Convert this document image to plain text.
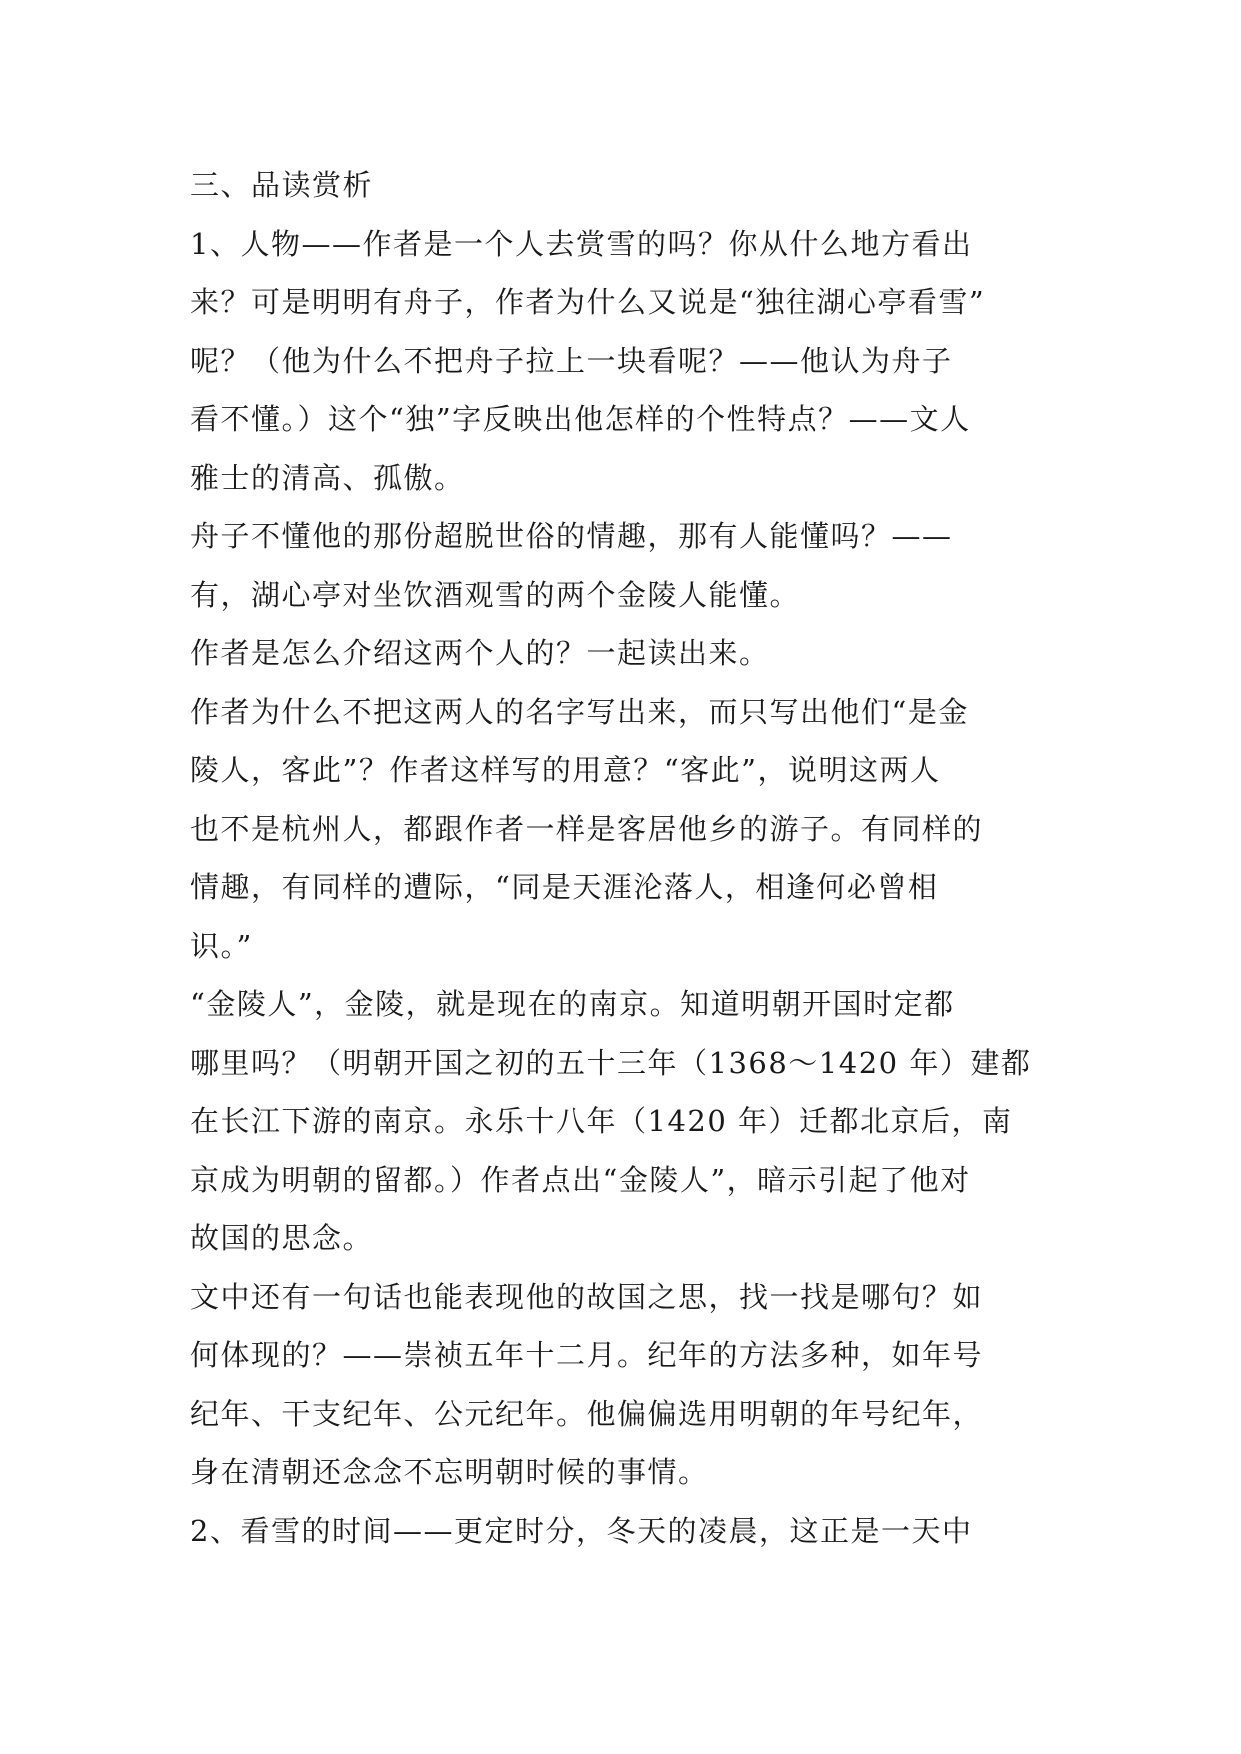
三、品读赏析
1、人物——作者是一个人去赏雪的吗？你从什么地方看出
来？可是明明有舟子，作者为什么又说是“独往湖心亭看雪”
呢？（他为什么不把舟子拉上一块看呢？——他认为舟子
看不懂。）这个“独”字反映出他怎样的个性特点？——文人
雅士的清高、孤傲。
舟子不懂他的那份超脱世俗的情趣，那有人能懂吗？——
有，湖心亭对坐饮酒观雪的两个金陵人能懂。
作者是怎么介绍这两个人的？一起读出来。
作者为什么不把这两人的名字写出来，而只写出他们“是金
陵人，客此”？作者这样写的用意？“客此”，说明这两人
也不是杭州人，都跟作者一样是客居他乡的游子。有同样的
情趣，有同样的遭际，“同是天涯沦落人，相逢何必曾相
识。”
“金陵人”，金陵，就是现在的南京。知道明朝开国时定都
哪里吗？（明朝开国之初的五十三年（1368～1420 年）建都
在长江下游的南京。永乐十八年（1420 年）迁都北京后，南
京成为明朝的留都。）作者点出“金陵人”，暗示引起了他对
故国的思念。
文中还有一句话也能表现他的故国之思，找一找是哪句？如
何体现的？——崇祯五年十二月。纪年的方法多种，如年号
纪年、干支纪年、公元纪年。他偏偏选用明朝的年号纪年，
身在清朝还念念不忘明朝时候的事情。
2、看雪的时间——更定时分，冬天的凌晨，这正是一天中
